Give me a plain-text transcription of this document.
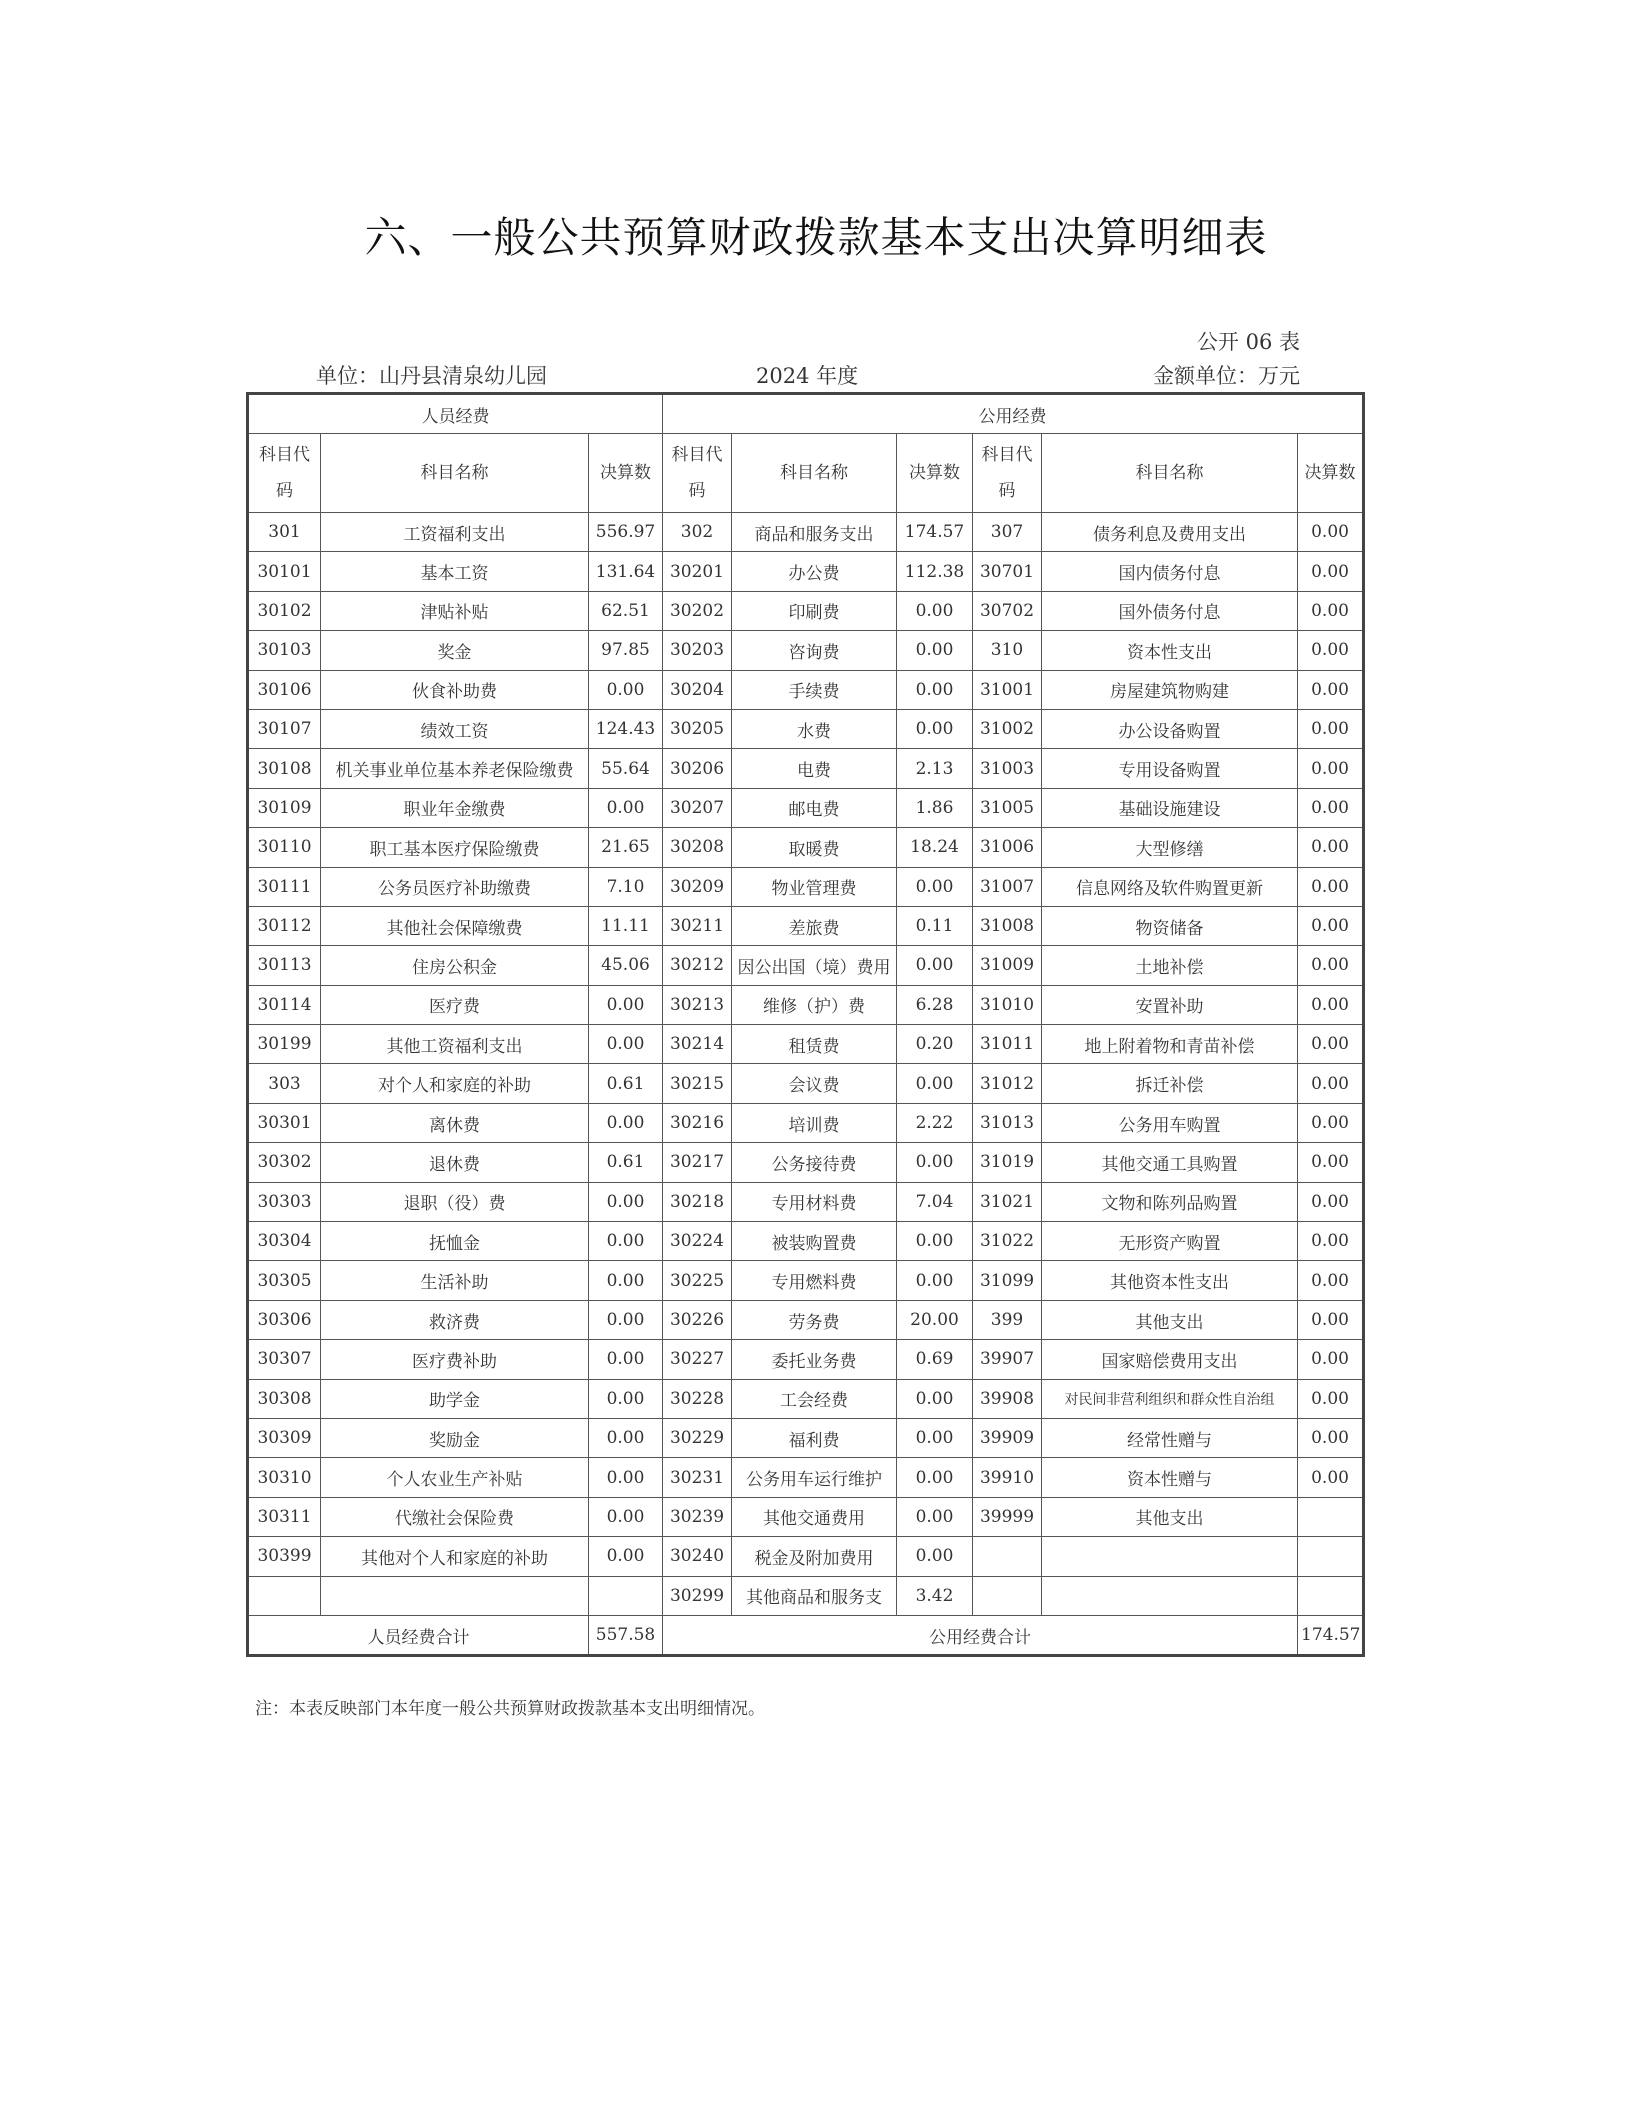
六、一般公共预算财政拨款基本支出决算明细表
公开 06 表
单位：山丹县清泉幼儿园	2024 年度	金额单位：万元
人员经费			公用经费					
科目代码	科目名称	决算数	科目代码	科目名称	决算数	科目代码	科目名称	决算数
301	工资福利支出	556.97	302	商品和服务支出	174.57	307	债务利息及费用支出	0.00
30101	基本工资	131.64	30201	办公费	112.38	30701	国内债务付息	0.00
30102	津贴补贴	62.51	30202	印刷费	0.00	30702	国外债务付息	0.00
30103	奖金	97.85	30203	咨询费	0.00	310	资本性支出	0.00
30106	伙食补助费	0.00	30204	手续费	0.00	31001	房屋建筑物购建	0.00
30107	绩效工资	124.43	30205	水费	0.00	31002	办公设备购置	0.00
30108	机关事业单位基本养老保险缴费	55.64	30206	电费	2.13	31003	专用设备购置	0.00
30109	职业年金缴费	0.00	30207	邮电费	1.86	31005	基础设施建设	0.00
30110	职工基本医疗保险缴费	21.65	30208	取暖费	18.24	31006	大型修缮	0.00
30111	公务员医疗补助缴费	7.10	30209	物业管理费	0.00	31007	信息网络及软件购置更新	0.00
30112	其他社会保障缴费	11.11	30211	差旅费	0.11	31008	物资储备	0.00
30113	住房公积金	45.06	30212	因公出国（境）费用	0.00	31009	土地补偿	0.00
30114	医疗费	0.00	30213	维修（护）费	6.28	31010	安置补助	0.00
30199	其他工资福利支出	0.00	30214	租赁费	0.20	31011	地上附着物和青苗补偿	0.00
303	对个人和家庭的补助	0.61	30215	会议费	0.00	31012	拆迁补偿	0.00
30301	离休费	0.00	30216	培训费	2.22	31013	公务用车购置	0.00
30302	退休费	0.61	30217	公务接待费	0.00	31019	其他交通工具购置	0.00
30303	退职（役）费	0.00	30218	专用材料费	7.04	31021	文物和陈列品购置	0.00
30304	抚恤金	0.00	30224	被装购置费	0.00	31022	无形资产购置	0.00
30305	生活补助	0.00	30225	专用燃料费	0.00	31099	其他资本性支出	0.00
30306	救济费	0.00	30226	劳务费	20.00	399	其他支出	0.00
30307	医疗费补助	0.00	30227	委托业务费	0.69	39907	国家赔偿费用支出	0.00
30308	助学金	0.00	30228	工会经费	0.00	39908	对民间非营利组织和群众性自治组	0.00
30309	奖励金	0.00	30229	福利费	0.00	39909	经常性赠与	0.00
30310	个人农业生产补贴	0.00	30231	公务用车运行维护	0.00	39910	资本性赠与	0.00
30311	代缴社会保险费	0.00	30239	其他交通费用	0.00	39999	其他支出	
30399	其他对个人和家庭的补助	0.00	30240	税金及附加费用	0.00			
			30299	其他商品和服务支	3.42			
人员经费合计		557.58	公用经费合计					174.57
注：本表反映部门本年度一般公共预算财政拨款基本支出明细情况。
